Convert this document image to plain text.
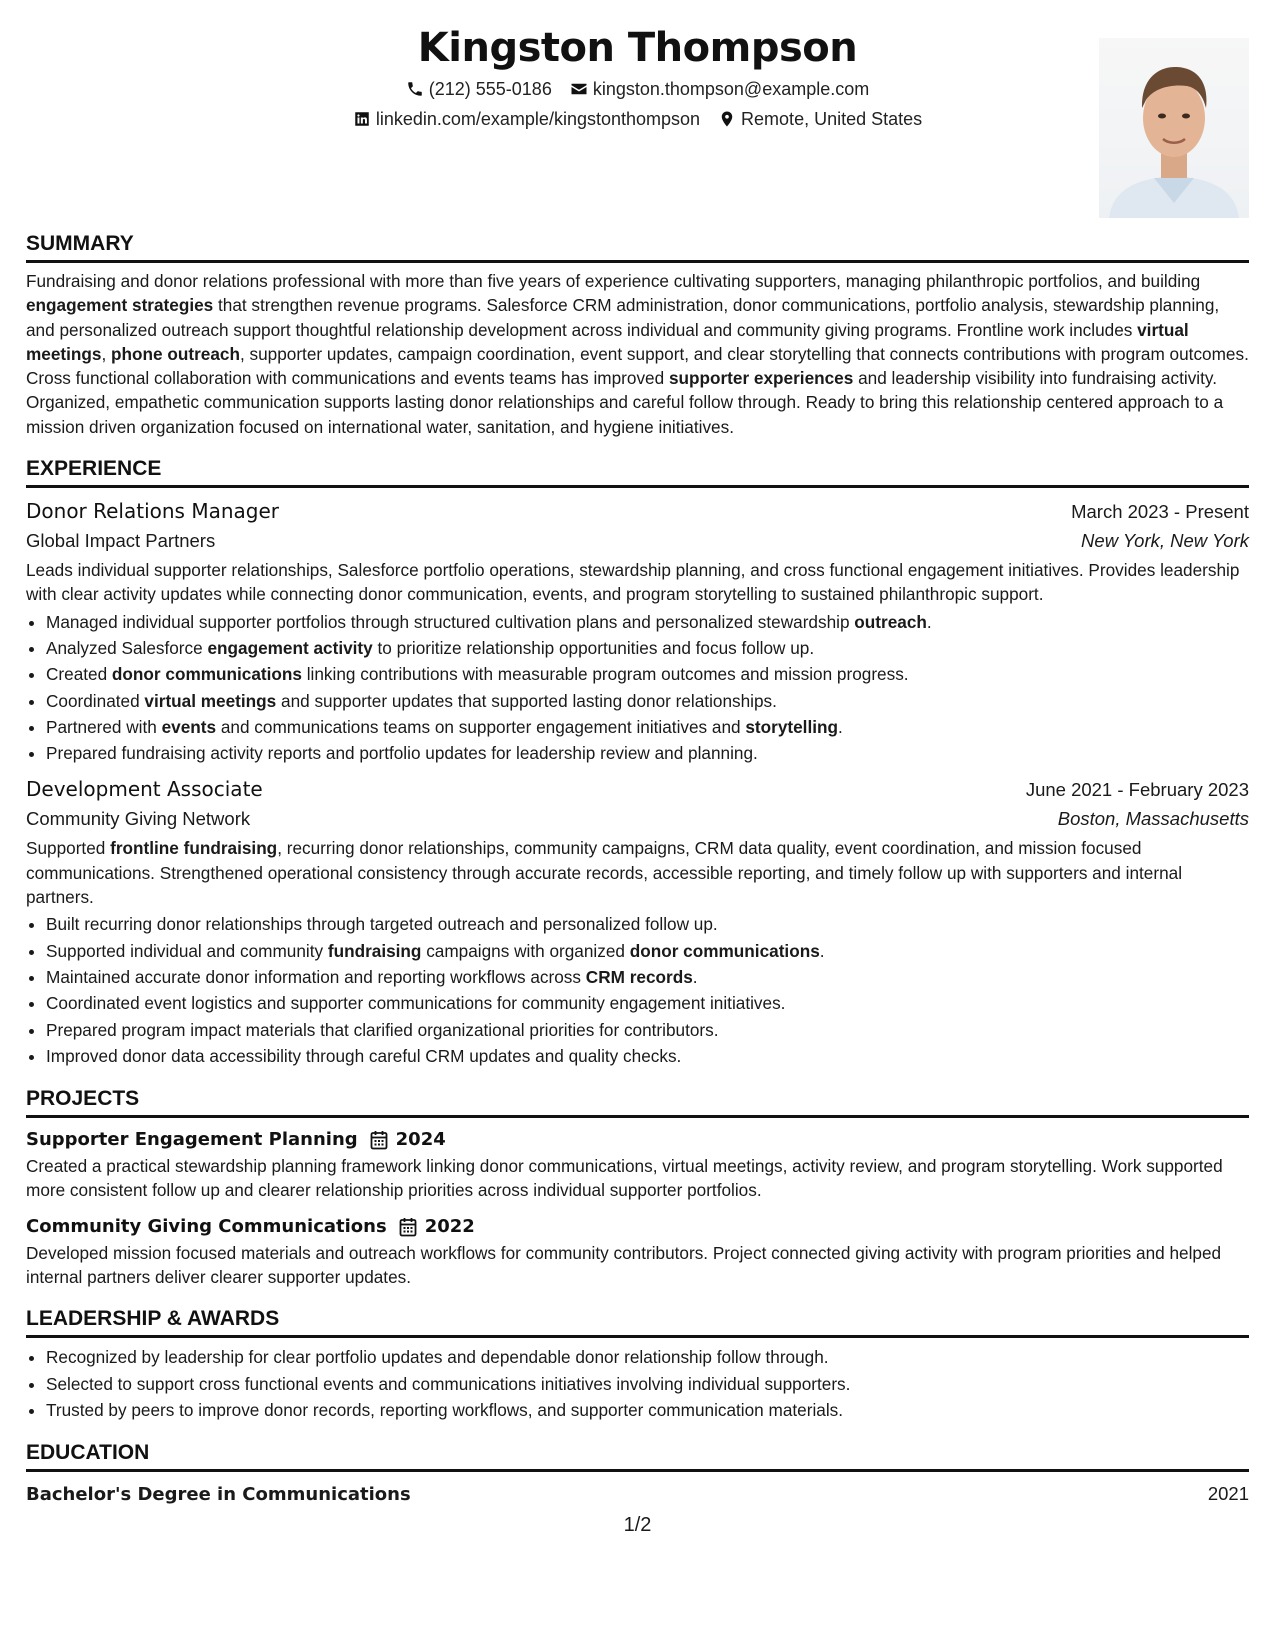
Kingston Thompson
(212) 555-0186 kingston.thompson@example.com
linkedin.com/example/kingstonthompson Remote, United States
SUMMARY
Fundraising and donor relations professional with more than five years of experience cultivating supporters, managing philanthropic portfolios, and building engagement strategies that strengthen revenue programs. Salesforce CRM administration, donor communications, portfolio analysis, stewardship planning, and personalized outreach support thoughtful relationship development across individual and community giving programs. Frontline work includes virtual meetings, phone outreach, supporter updates, campaign coordination, event support, and clear storytelling that connects contributions with program outcomes. Cross functional collaboration with communications and events teams has improved supporter experiences and leadership visibility into fundraising activity. Organized, empathetic communication supports lasting donor relationships and careful follow through. Ready to bring this relationship centered approach to a mission driven organization focused on international water, sanitation, and hygiene initiatives.
EXPERIENCE
Donor Relations Manager	March 2023 - Present
Global Impact Partners	New York, New York
Leads individual supporter relationships, Salesforce portfolio operations, stewardship planning, and cross functional engagement initiatives. Provides leadership with clear activity updates while connecting donor communication, events, and program storytelling to sustained philanthropic support.
• Managed individual supporter portfolios through structured cultivation plans and personalized stewardship outreach.
• Analyzed Salesforce engagement activity to prioritize relationship opportunities and focus follow up.
• Created donor communications linking contributions with measurable program outcomes and mission progress.
• Coordinated virtual meetings and supporter updates that supported lasting donor relationships.
• Partnered with events and communications teams on supporter engagement initiatives and storytelling.
• Prepared fundraising activity reports and portfolio updates for leadership review and planning.
Development Associate	June 2021 - February 2023
Community Giving Network	Boston, Massachusetts
Supported frontline fundraising, recurring donor relationships, community campaigns, CRM data quality, event coordination, and mission focused communications. Strengthened operational consistency through accurate records, accessible reporting, and timely follow up with supporters and internal partners.
• Built recurring donor relationships through targeted outreach and personalized follow up.
• Supported individual and community fundraising campaigns with organized donor communications.
• Maintained accurate donor information and reporting workflows across CRM records.
• Coordinated event logistics and supporter communications for community engagement initiatives.
• Prepared program impact materials that clarified organizational priorities for contributors.
• Improved donor data accessibility through careful CRM updates and quality checks.
PROJECTS
Supporter Engagement Planning 2024
Created a practical stewardship planning framework linking donor communications, virtual meetings, activity review, and program storytelling. Work supported more consistent follow up and clearer relationship priorities across individual supporter portfolios.
Community Giving Communications 2022
Developed mission focused materials and outreach workflows for community contributors. Project connected giving activity with program priorities and helped internal partners deliver clearer supporter updates.
LEADERSHIP & AWARDS
• Recognized by leadership for clear portfolio updates and dependable donor relationship follow through.
• Selected to support cross functional events and communications initiatives involving individual supporters.
• Trusted by peers to improve donor records, reporting workflows, and supporter communication materials.
EDUCATION
Bachelor's Degree in Communications	2021
1/2
